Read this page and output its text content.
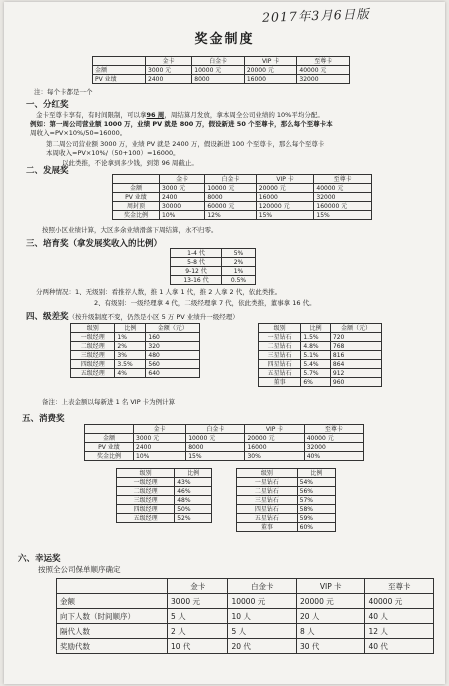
2017年3月6日版
奖金制度
	金卡	白金卡	VIP 卡	至尊卡
金额	3000 元	10000 元	20000 元	40000 元
PV 业绩	2400	8000	16000	32000
注：每个卡都是一个
一、分红奖
金卡至尊卡享有，有时间限制，可以拿96 周，周结算月发放，拿本周全公司业绩的 10%平均分配。
例如：第一周公司营业额 1000 万，业绩 PV 就是 800 万，假设新进 50 个至尊卡，那么每个至尊卡本
周收入=PV×10%/50=16000。
第二周公司营业额 3000 万，业绩 PV 就是 2400 万，假设新进 100 个至尊卡，那么每个至尊卡
本周收入=PV×10%/（50+100）=16000。
以此类推，不论拿到多少钱，到第 96 周截止。
二、发展奖
	金卡	白金卡	VIP 卡	至尊卡
金额	3000 元	10000 元	20000 元	40000 元
PV 业绩	2400	8000	16000	32000
周封顶	30000	60000 元	120000 元	160000 元
奖金比例	10%	12%	15%	15%
按照小区业绩计算，大区多余业绩滑落下周结算，永不归零。
三、培育奖（拿发展奖收入的比例）
1-4 代	5%
5-8 代	2%
9-12 代	1%
13-16 代	0.5%
分两种情况：1、无级别：看推荐人数，推 1 人拿 1 代，推 2 人拿 2 代，依此类推。
2、有级别：一级经理拿 4 代，二级经理拿 7 代，依此类推，董事拿 16 代。
四、级差奖（按升级制度不变，仍然是小区 5 万 PV 业绩升一级经理）
级别	比例	金额（元）
一级经理	1%	160
二级经理	2%	320
三级经理	3%	480
四级经理	3.5%	560
五级经理	4%	640
级别	比例	金额（元）
一星钻石	1.5%	720
二星钻石	4.8%	768
三星钻石	5.1%	816
四星钻石	5.4%	864
五星钻石	5.7%	912
董事	6%	960
备注：上表金额以每新进 1 名 VIP 卡为例计算
五、消费奖
	金卡	白金卡	VIP 卡	至尊卡
金额	3000 元	10000 元	20000 元	40000 元
PV 业绩	2400	8000	16000	32000
奖金比例	10%	15%	30%	40%
级别	比例
一级经理	43%
二级经理	46%
三级经理	48%
四级经理	50%
五级经理	52%
级别	比例
一星钻石	54%
二星钻石	56%
三星钻石	57%
四星钻石	58%
五星钻石	59%
董事	60%
六、幸运奖
按照全公司保单顺序确定
	金卡	白金卡	VIP 卡	至尊卡
金额	3000 元	10000 元	20000 元	40000 元
向下人数（时间顺序）	5 人	10 人	20 人	40 人
隔代人数	2 人	5 人	8 人	12 人
奖励代数	10 代	20 代	30 代	40 代
